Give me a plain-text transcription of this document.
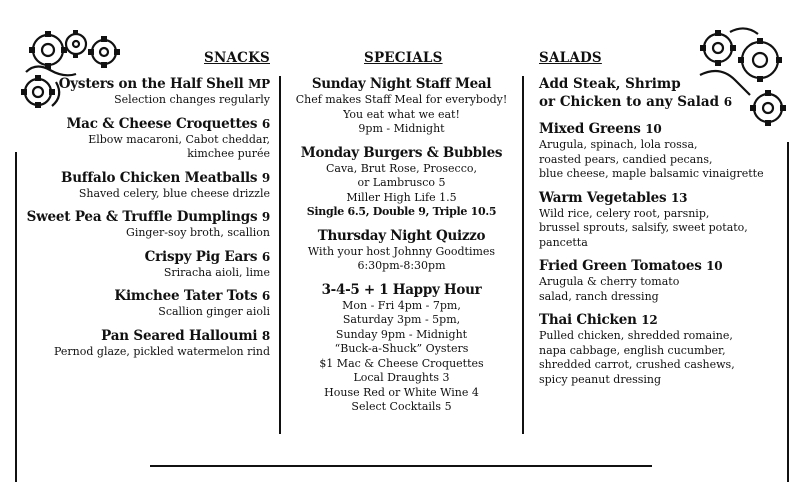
SNACKS	SPECIALS	SALADS
Oysters on the Half Shell MP
Selection changes regularly
Mac & Cheese Croquettes 6
Elbow macaroni, Cabot cheddar,
kimchee purée
Buffalo Chicken Meatballs 9
Shaved celery, blue cheese drizzle
Sweet Pea & Truffle Dumplings 9
Ginger-soy broth, scallion
Crispy Pig Ears 6
Sriracha aioli, lime
Kimchee Tater Tots 6
Scallion ginger aioli
Pan Seared Halloumi 8
Pernod glaze, pickled watermelon rind
Sunday Night Staff Meal
Chef makes Staff Meal for everybody!
You eat what we eat!
9pm - Midnight
Monday Burgers & Bubbles
Cava, Brut Rose, Prosecco,
or Lambrusco 5
Miller High Life 1.5
Single 6.5, Double 9, Triple 10.5
Thursday Night Quizzo
With your host Johnny Goodtimes
6:30pm-8:30pm
3-4-5 + 1 Happy Hour
Mon - Fri 4pm - 7pm,
Saturday 3pm - 5pm,
Sunday 9pm - Midnight
“Buck-a-Shuck” Oysters
$1 Mac & Cheese Croquettes
Local Draughts 3
House Red or White Wine 4
Select Cocktails 5
Add Steak, Shrimp
or Chicken to any Salad 6
Mixed Greens 10
Arugula, spinach, lola rossa,
roasted pears, candied pecans,
blue cheese, maple balsamic vinaigrette
Warm Vegetables 13
Wild rice, celery root, parsnip,
brussel sprouts, salsify, sweet potato,
pancetta
Fried Green Tomatoes 10
Arugula & cherry tomato
salad, ranch dressing
Thai Chicken 12
Pulled chicken, shredded romaine,
napa cabbage, english cucumber,
shredded carrot, crushed cashews,
spicy peanut dressing
